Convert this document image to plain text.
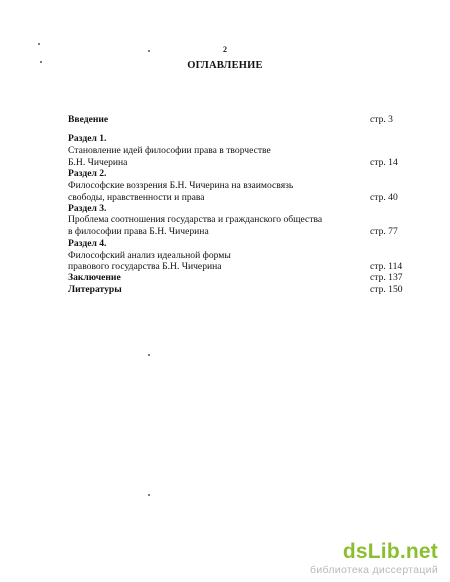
2
ОГЛАВЛЕНИЕ
Введение	стр. 3
Раздел 1.
Становление идей философии права в творчестве
Б.Н. Чичерина	стр. 14
Раздел 2.
Философские воззрения Б.Н. Чичерина на взаимосвязь
свободы, нравственности и права	стр. 40
Раздел 3.
Проблема соотношения государства и гражданского общества
в философии права Б.Н. Чичерина	стр. 77
Раздел 4.
Философский анализ идеальной формы
правового государства Б.Н. Чичерина	стр. 114
Заключение	стр. 137
Литературы	стр. 150
dsLib.net
библиотека диссертаций
